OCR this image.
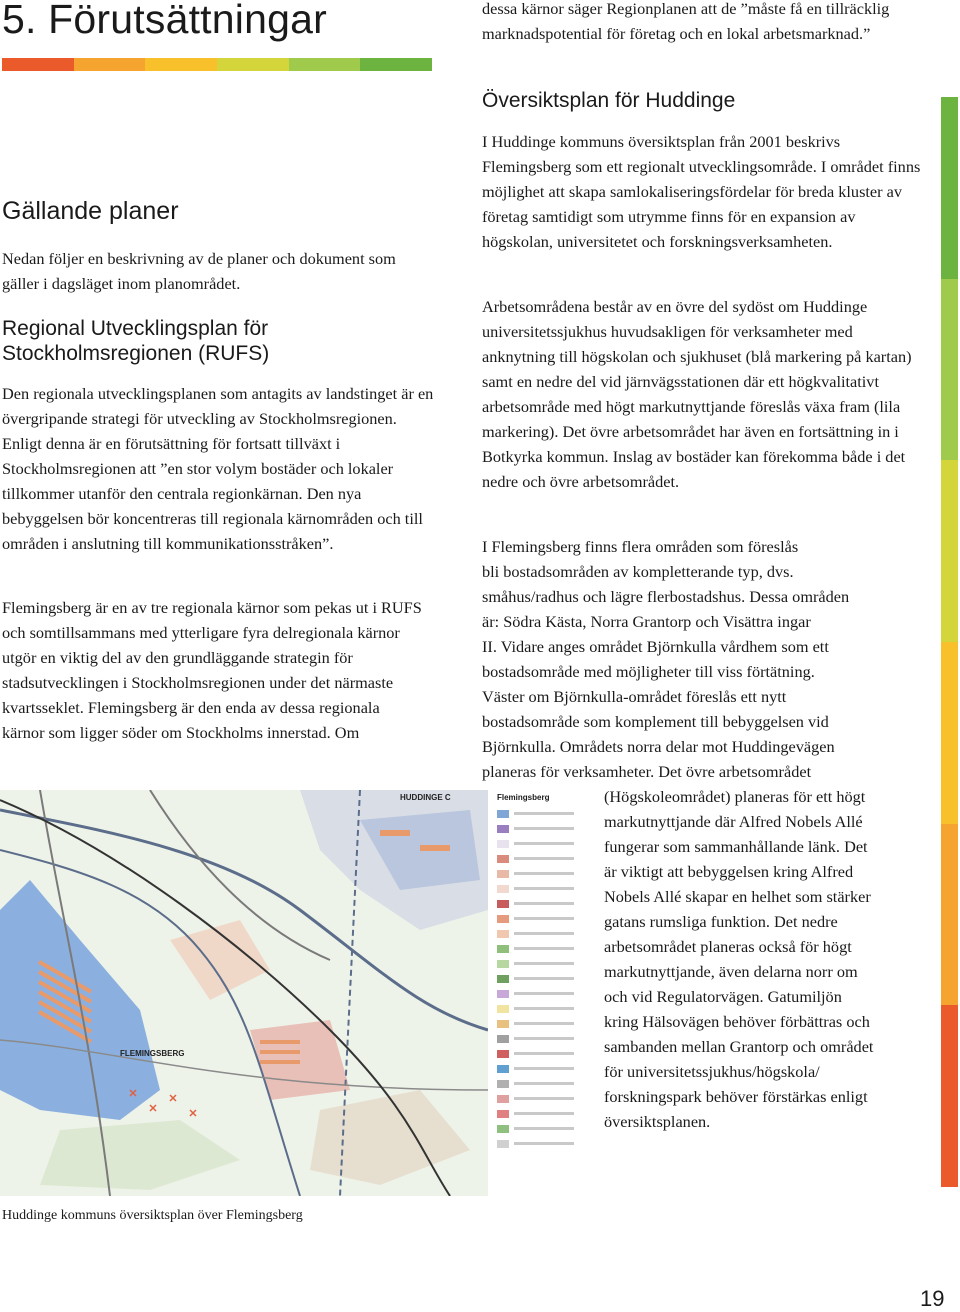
5. Förutsättningar
Gällande planer

Nedan följer en beskrivning av de planer och dokument som gäller i dagsläget inom planområdet.

Regional Utvecklingsplan för Stockholmsregionen (RUFS)

Den regionala utvecklingsplanen som antagits av landstinget är en övergripande strategi för utveckling av Stockholmsregionen. Enligt denna är en förutsättning för fortsatt tillväxt i Stockholmsregionen att ”en stor volym bostäder och lokaler tillkommer utanför den centrala regionkärnan. Den nya bebyggelsen bör koncentreras till regionala kärnområden och till områden i anslutning till kommunikationsstråken”.

Flemingsberg är en av tre regionala kärnor som pekas ut i RUFS och somtillsammans med ytterligare fyra delregionala kärnor utgör en viktig del av den grundläggande strategin för stadsutvecklingen i Stockholmsregionen under det närmaste kvartsseklet. Flemingsberg är den enda av dessa regionala kärnor som ligger söder om Stockholms innerstad. Om

dessa kärnor säger Regionplanen att de ”måste få en tillräcklig marknadspotential för företag och en lokal arbetsmarknad.”

Översiktsplan för Huddinge

I Huddinge kommuns översiktsplan från 2001 beskrivs Flemingsberg som ett regionalt utvecklingsområde. I området finns möjlighet att skapa samlokaliseringsfördelar för breda kluster av företag samtidigt som utrymme finns för en expansion av högskolan, universitetet och forskningsverksamheten.

Arbetsområdena består av en övre del sydöst om Huddinge universitetssjukhus huvudsakligen för verksamheter med anknytning till högskolan och sjukhuset (blå markering på kartan) samt en nedre del vid järnvägsstationen där ett högkvalitativt arbetsområde med högt markutnyttjande föreslås växa fram (lila markering). Det övre arbetsområdet har även en fortsättning in i Botkyrka kommun. Inslag av bostäder kan förekomma både i det nedre och övre arbetsområdet.

I Flemingsberg finns flera områden som föreslås
bli bostadsområden av kompletterande typ, dvs.
småhus/radhus och lägre flerbostadshus. Dessa områden
är: Södra Kästa, Norra Grantorp och Visättra ingar
II. Vidare anges området Björnkulla vårdhem som ett
bostadsområde med möjligheter till viss förtätning.
Väster om Björnkulla-området föreslås ett nytt
bostadsområde som komplement till bebyggelsen vid
Björnkulla. Områdets norra delar mot Huddingevägen
planeras för verksamheter. Det övre arbetsområdet
(Högskoleområdet) planeras för ett högt
markutnyttjande där Alfred Nobels Allé
fungerar som sammanhållande länk. Det
är viktigt att bebyggelsen kring Alfred
Nobels Allé skapar en helhet som stärker
gatans rumsliga funktion. Det nedre
arbetsområdet planeras också för högt
markutnyttjande, även delarna norr om
och vid Regulatorvägen. Gatumiljön
kring Hälsovägen behöver förbättras och
sambanden mellan Grantorp och området
för universitetssjukhus/högskola/
forskningspark behöver förstärkas enligt
översiktsplanen.
HUDDINGE C
FLEMINGSBERG
Flemingsberg
Huddinge kommuns översiktsplan över Flemingsberg
19
